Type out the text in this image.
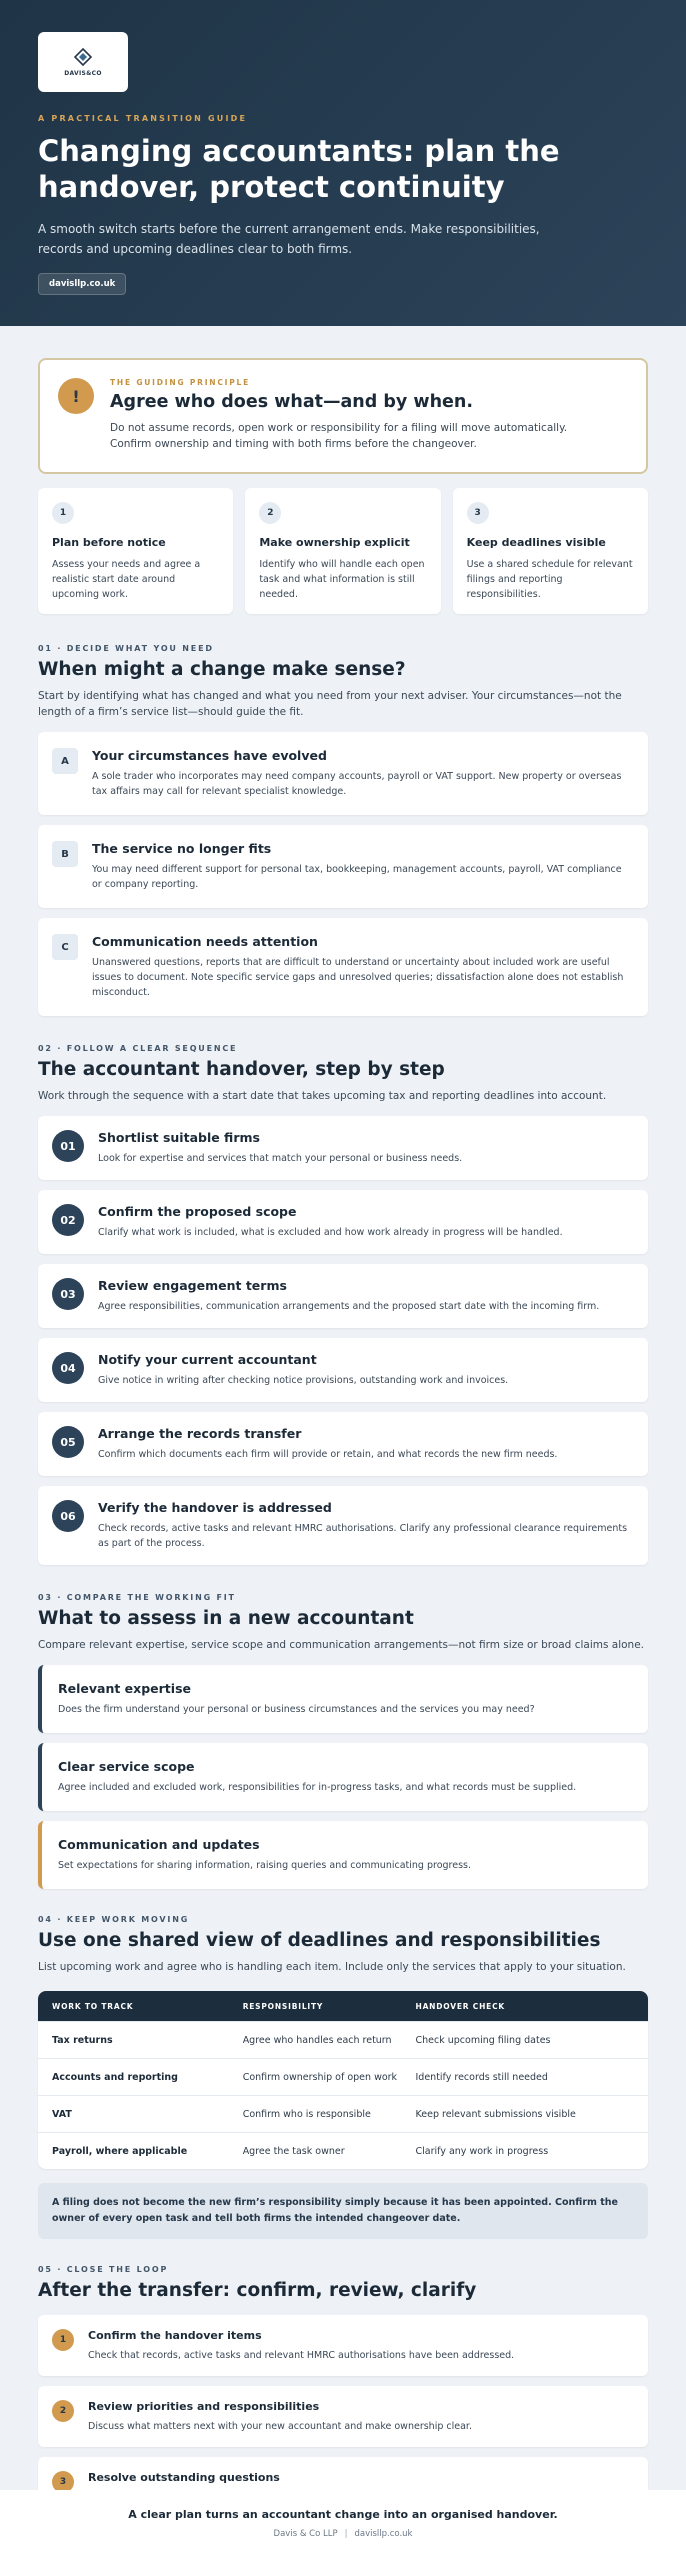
DAVIS&CO
A PRACTICAL TRANSITION GUIDE
Changing accountants: plan the handover, protect continuity

A smooth switch starts before the current arrangement ends. Make responsibilities, records and upcoming deadlines clear to both firms.

davisllp.co.uk
!
THE GUIDING PRINCIPLE
Agree who does what—and by when.
Do not assume records, open work or responsibility for a filing will move automatically. Confirm ownership and timing with both firms before the changeover.
1
Plan before notice
Assess your needs and agree a realistic start date around upcoming work.
2
Make ownership explicit
Identify who will handle each open task and what information is still needed.
3
Keep deadlines visible
Use a shared schedule for relevant filings and reporting responsibilities.
01 · DECIDE WHAT YOU NEED
When might a change make sense?

Start by identifying what has changed and what you need from your next adviser. Your circumstances—not the length of a firm’s service list—should guide the fit.

A	Your circumstances have evolved
A sole trader who incorporates may need company accounts, payroll or VAT support. New property or overseas tax affairs may call for relevant specialist knowledge.
B	The service no longer fits
You may need different support for personal tax, bookkeeping, management accounts, payroll, VAT compliance or company reporting.
C	Communication needs attention
Unanswered questions, reports that are difficult to understand or uncertainty about included work are useful issues to document. Note specific service gaps and unresolved queries; dissatisfaction alone does not establish misconduct.
02 · FOLLOW A CLEAR SEQUENCE
The accountant handover, step by step

Work through the sequence with a start date that takes upcoming tax and reporting deadlines into account.

01
Shortlist suitable firms
Look for expertise and services that match your personal or business needs.
02
Confirm the proposed scope
Clarify what work is included, what is excluded and how work already in progress will be handled.
03
Review engagement terms
Agree responsibilities, communication arrangements and the proposed start date with the incoming firm.
04
Notify your current accountant
Give notice in writing after checking notice provisions, outstanding work and invoices.
05
Arrange the records transfer
Confirm which documents each firm will provide or retain, and what records the new firm needs.
06
Verify the handover is addressed
Check records, active tasks and relevant HMRC authorisations. Clarify any professional clearance requirements as part of the process.
03 · COMPARE THE WORKING FIT
What to assess in a new accountant

Compare relevant expertise, service scope and communication arrangements—not firm size or broad claims alone.

Relevant expertise
Does the firm understand your personal or business circumstances and the services you may need?
Clear service scope
Agree included and excluded work, responsibilities for in-progress tasks, and what records must be supplied.
Communication and updates
Set expectations for sharing information, raising queries and communicating progress.
04 · KEEP WORK MOVING
Use one shared view of deadlines and responsibilities

List upcoming work and agree who is handling each item. Include only the services that apply to your situation.

WORK TO TRACK	RESPONSIBILITY	HANDOVER CHECK
Tax returns	Agree who handles each return	Check upcoming filing dates
Accounts and reporting	Confirm ownership of open work	Identify records still needed
VAT	Confirm who is responsible	Keep relevant submissions visible
Payroll, where applicable	Agree the task owner	Clarify any work in progress
A filing does not become the new firm’s responsibility simply because it has been appointed. Confirm the owner of every open task and tell both firms the intended changeover date.
05 · CLOSE THE LOOP
After the transfer: confirm, review, clarify
1	Confirm the handover items
Check that records, active tasks and relevant HMRC authorisations have been addressed.
2	Review priorities and responsibilities
Discuss what matters next with your new accountant and make ownership clear.
3	Resolve outstanding questions
A clear plan turns an accountant change into an organised handover.
Davis & Co LLP | davisllp.co.uk
